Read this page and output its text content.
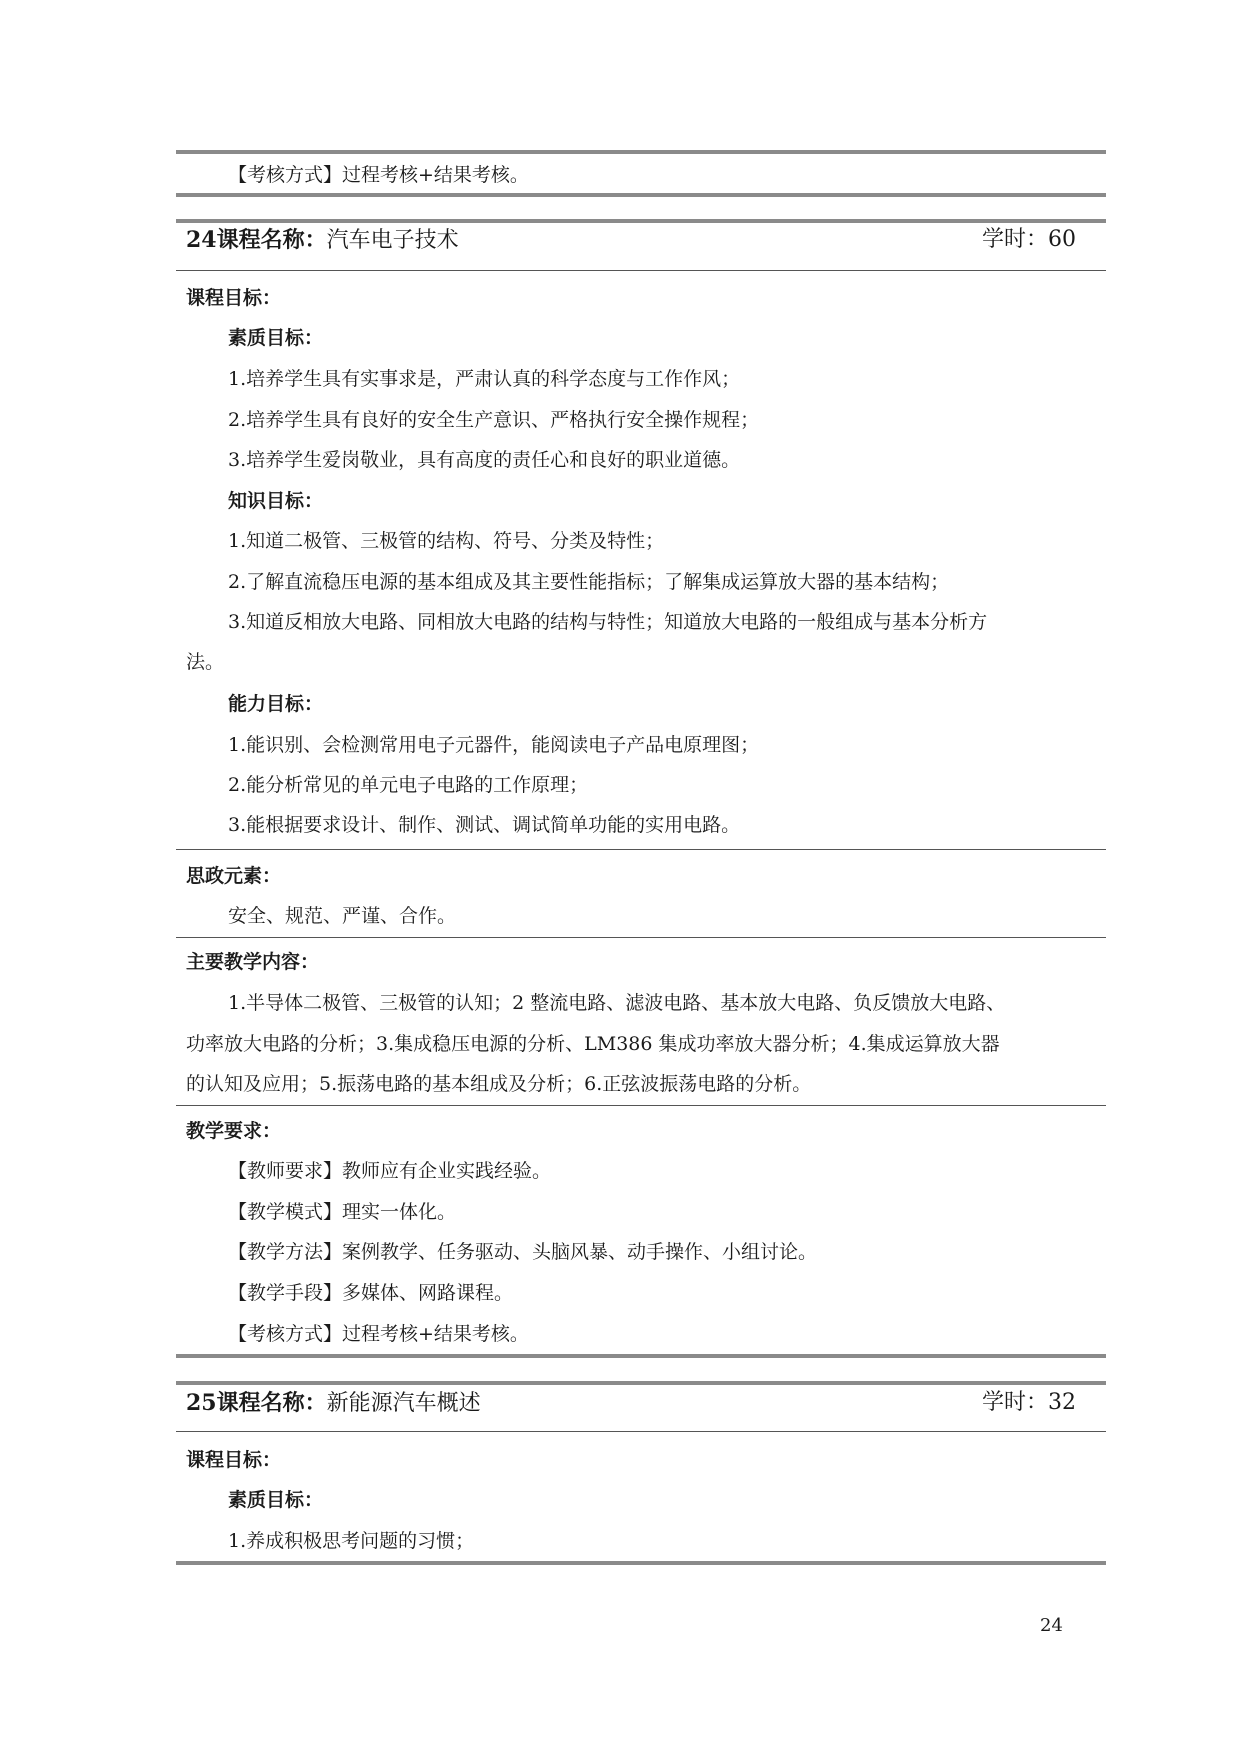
【考核方式】过程考核+结果考核。
24课程名称：汽车电子技术	学时：60
课程目标：
素质目标：
1.培养学生具有实事求是，严肃认真的科学态度与工作作风；
2.培养学生具有良好的安全生产意识、严格执行安全操作规程；
3.培养学生爱岗敬业，具有高度的责任心和良好的职业道德。
知识目标：
1.知道二极管、三极管的结构、符号、分类及特性；
2.了解直流稳压电源的基本组成及其主要性能指标；了解集成运算放大器的基本结构；
3.知道反相放大电路、同相放大电路的结构与特性；知道放大电路的一般组成与基本分析方
法。
能力目标：
1.能识别、会检测常用电子元器件，能阅读电子产品电原理图；
2.能分析常见的单元电子电路的工作原理；
3.能根据要求设计、制作、测试、调试简单功能的实用电路。
思政元素：
安全、规范、严谨、合作。
主要教学内容：
1.半导体二极管、三极管的认知；2 整流电路、滤波电路、基本放大电路、负反馈放大电路、
功率放大电路的分析；3.集成稳压电源的分析、LM386 集成功率放大器分析；4.集成运算放大器
的认知及应用；5.振荡电路的基本组成及分析；6.正弦波振荡电路的分析。
教学要求：
【教师要求】教师应有企业实践经验。
【教学模式】理实一体化。
【教学方法】案例教学、任务驱动、头脑风暴、动手操作、小组讨论。
【教学手段】多媒体、网路课程。
【考核方式】过程考核+结果考核。
25课程名称：新能源汽车概述	学时：32
课程目标：
素质目标：
1.养成积极思考问题的习惯；
24
